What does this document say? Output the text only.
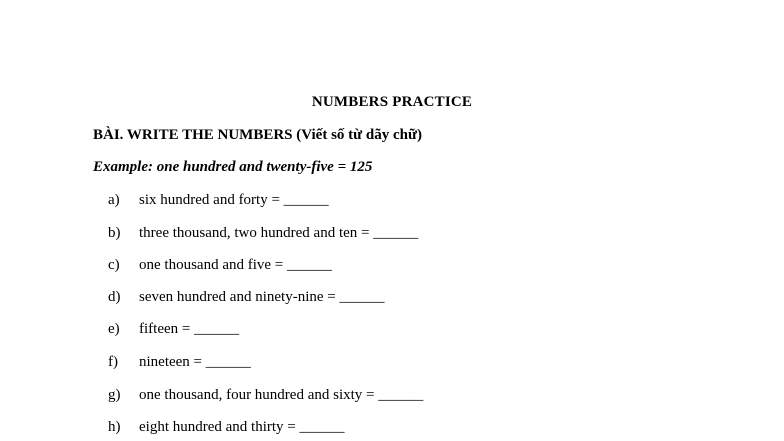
NUMBERS PRACTICE
BÀI. WRITE THE NUMBERS (Viết số từ dãy chữ)
Example: one hundred and twenty-five = 125
a) six hundred and forty = ______
b) three thousand, two hundred and ten = ______
c) one thousand and five = ______
d) seven hundred and ninety-nine = ______
e) fifteen = ______
f) nineteen = ______
g) one thousand, four hundred and sixty = ______
h) eight hundred and thirty = ______
